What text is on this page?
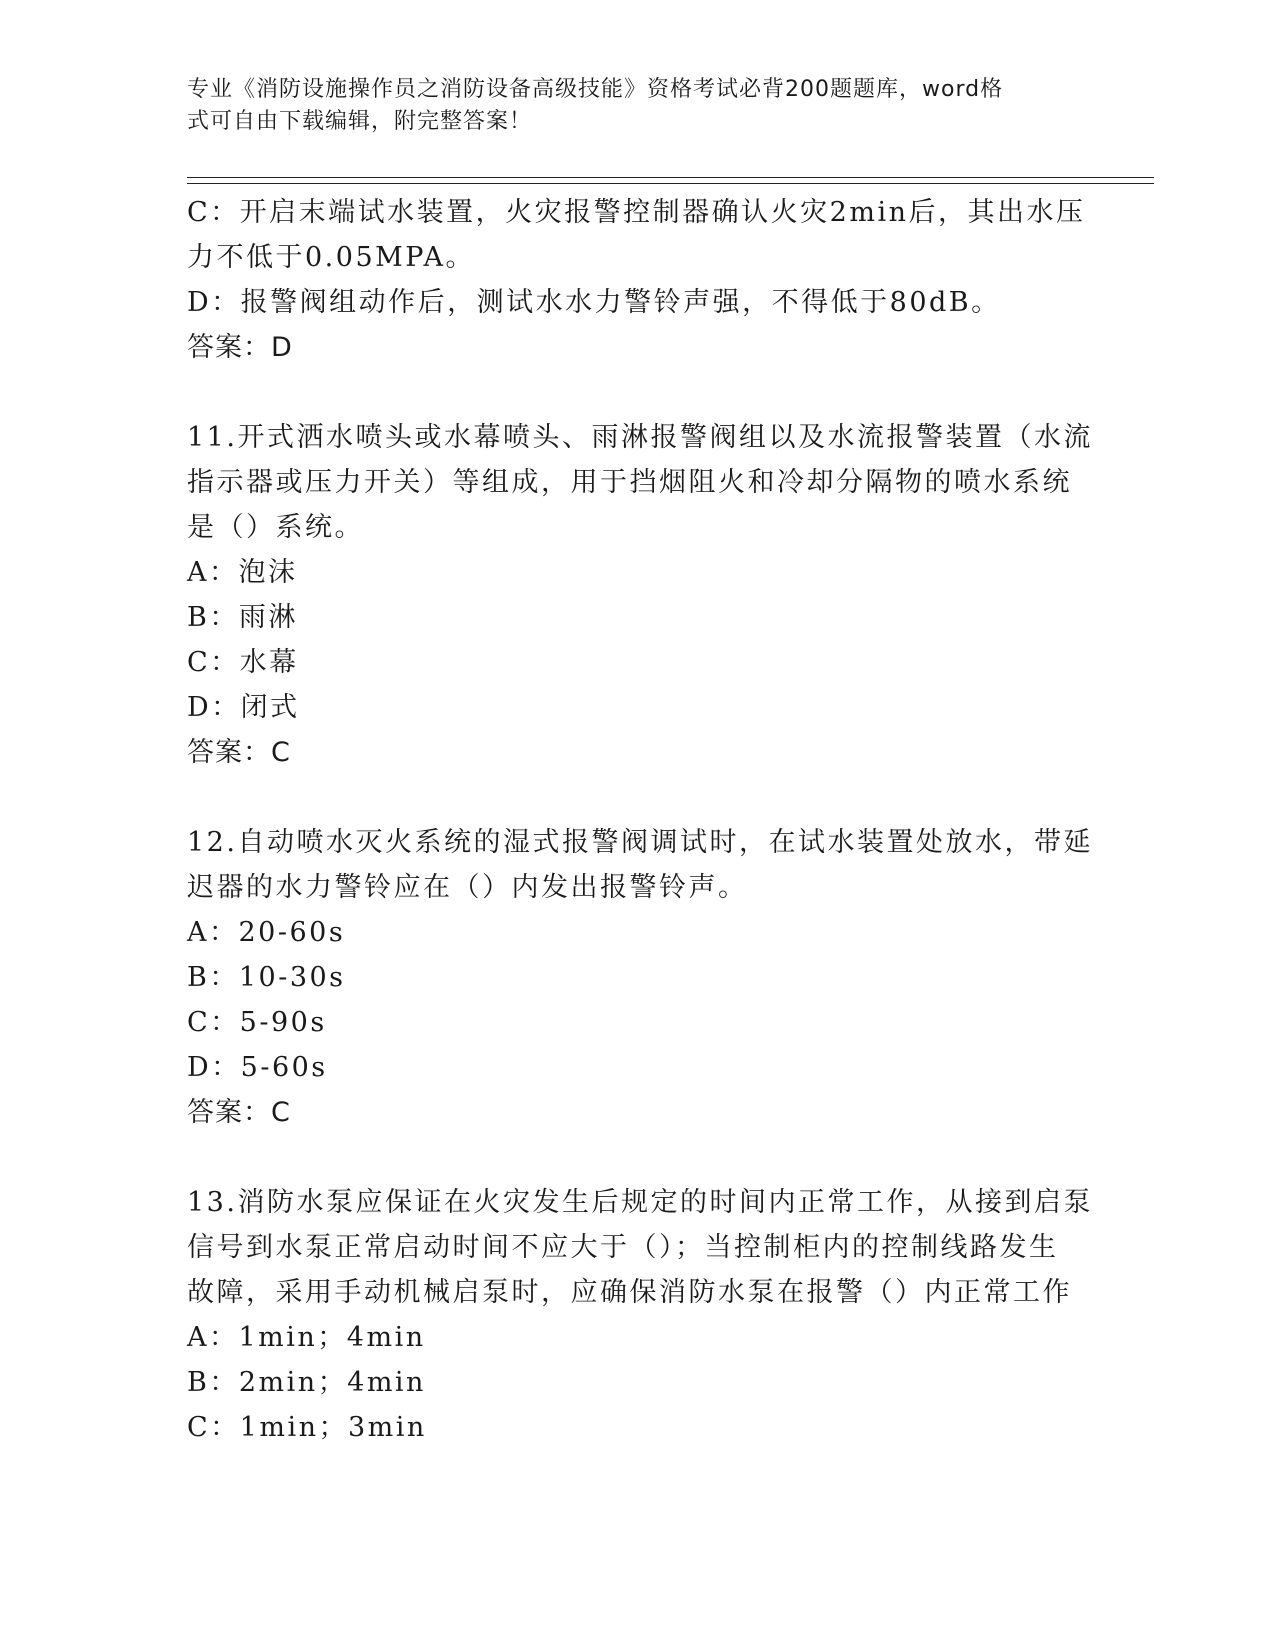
专业《消防设施操作员之消防设备高级技能》资格考试必背200题题库，word格
式可自由下载编辑，附完整答案！
C：开启末端试水装置，火灾报警控制器确认火灾2min后，其出水压
力不低于0.05MPA。
D：报警阀组动作后，测试水水力警铃声强，不得低于80dB。
答案：D
11.开式洒水喷头或水幕喷头、雨淋报警阀组以及水流报警装置（水流
指示器或压力开关）等组成，用于挡烟阻火和冷却分隔物的喷水系统
是（）系统。
A：泡沫
B：雨淋
C：水幕
D：闭式
答案：C
12.自动喷水灭火系统的湿式报警阀调试时，在试水装置处放水，带延
迟器的水力警铃应在（）内发出报警铃声。
A：20-60s
B：10-30s
C：5-90s
D：5-60s
答案：C
13.消防水泵应保证在火灾发生后规定的时间内正常工作，从接到启泵
信号到水泵正常启动时间不应大于（）；当控制柜内的控制线路发生
故障，采用手动机械启泵时，应确保消防水泵在报警（）内正常工作
A：1min；4min
B：2min；4min
C：1min；3min
